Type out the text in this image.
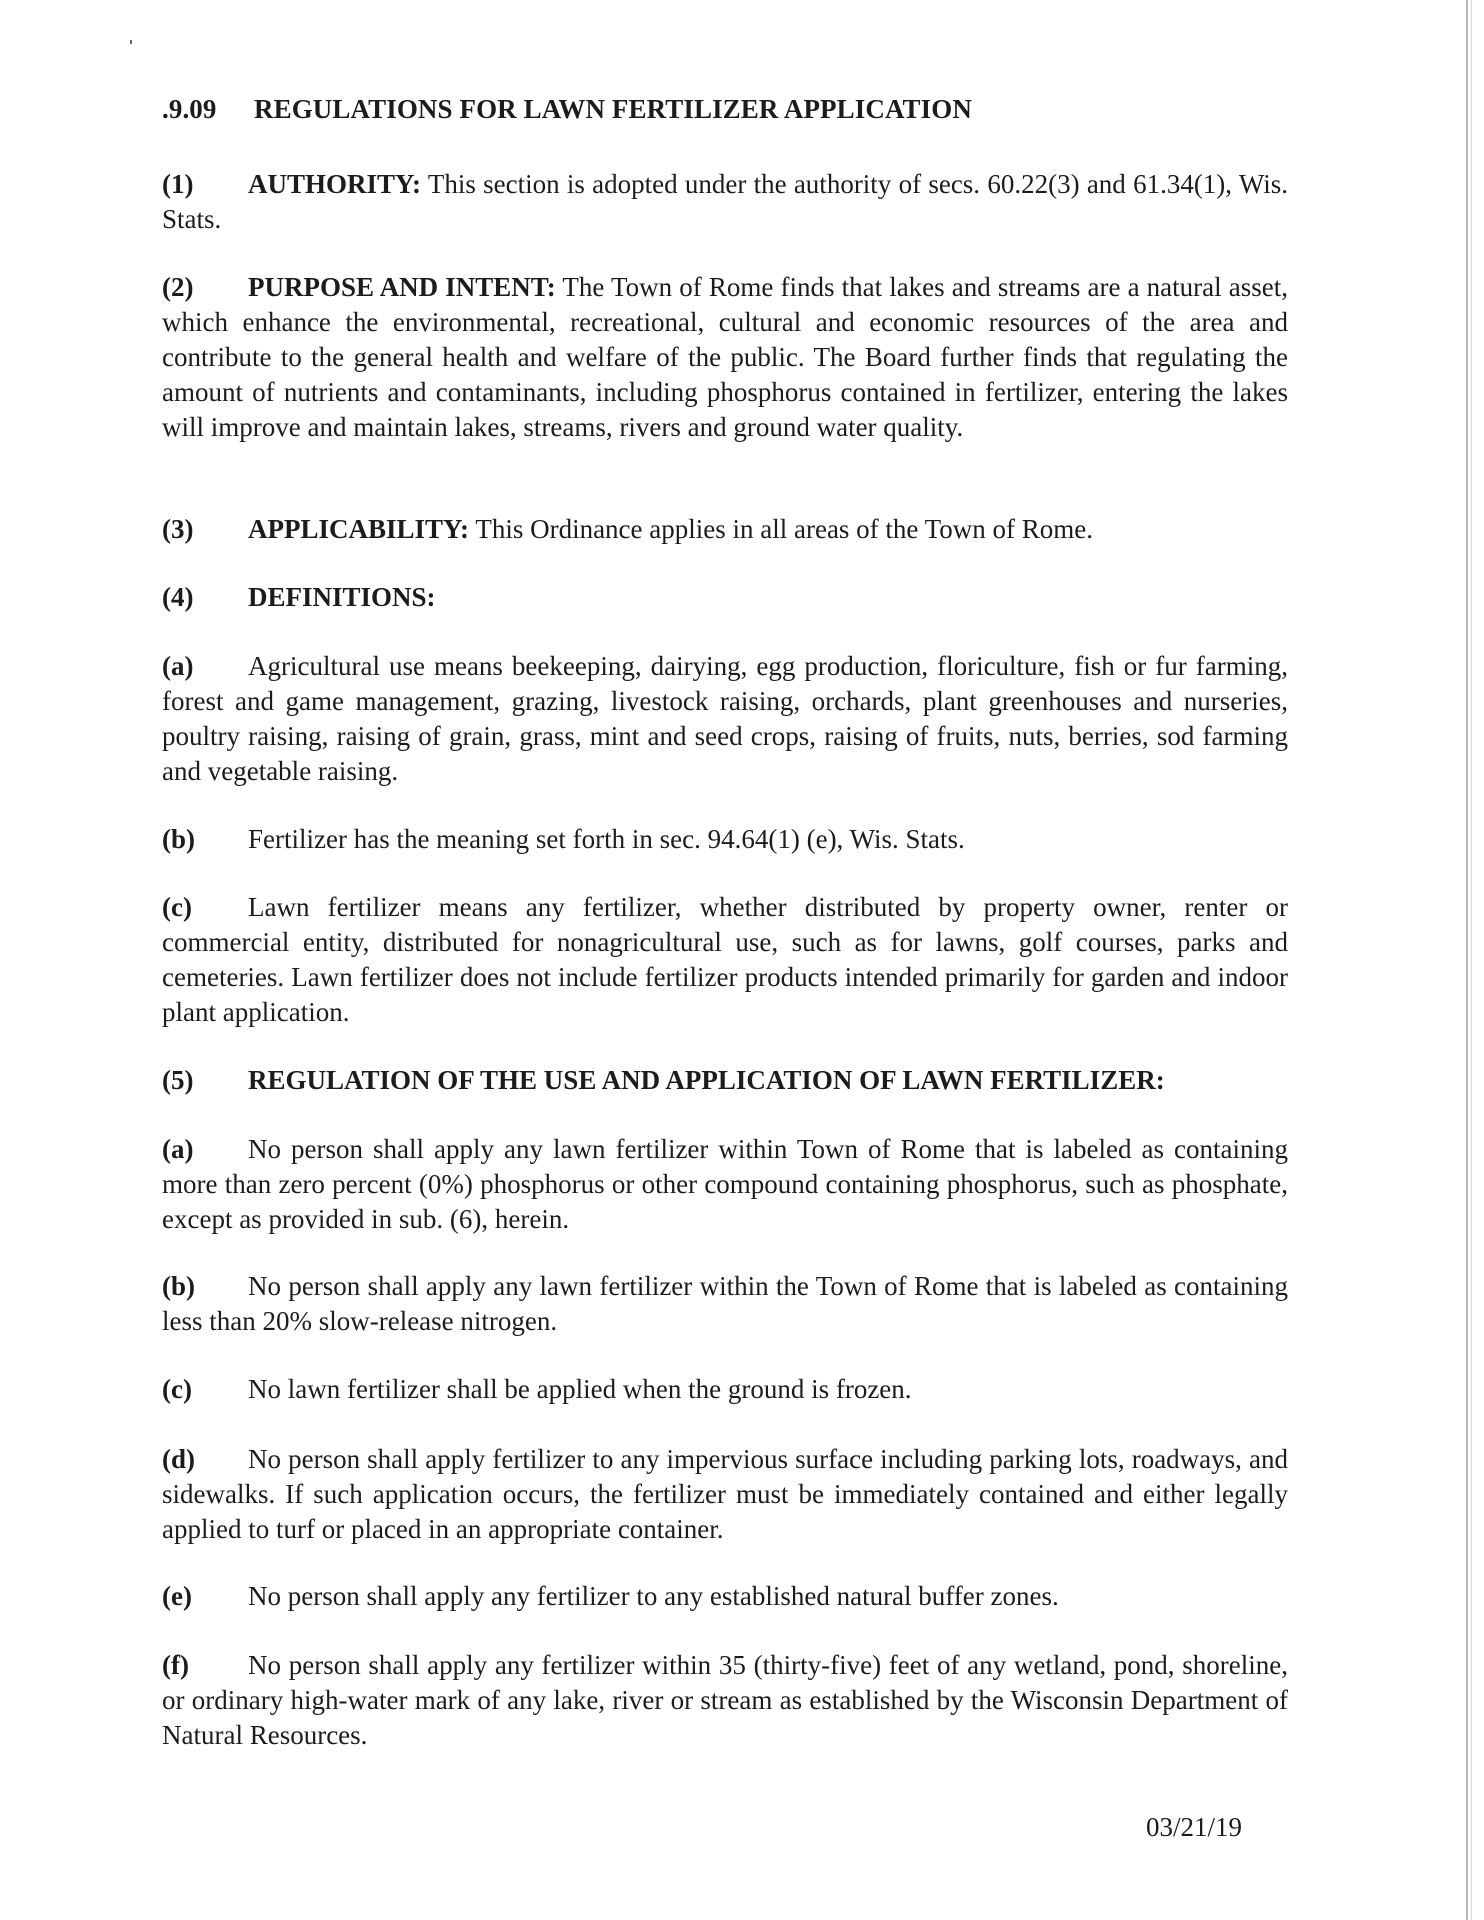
.9.09 REGULATIONS FOR LAWN FERTILIZER APPLICATION
(1) AUTHORITY: This section is adopted under the authority of secs. 60.22(3) and 61.34(1), Wis. Stats.
(2) PURPOSE AND INTENT: The Town of Rome finds that lakes and streams are a natural asset, which enhance the environmental, recreational, cultural and economic resources of the area and contribute to the general health and welfare of the public. The Board further finds that regulating the amount of nutrients and contaminants, including phosphorus contained in fertilizer, entering the lakes will improve and maintain lakes, streams, rivers and ground water quality.
(3) APPLICABILITY: This Ordinance applies in all areas of the Town of Rome.
(4) DEFINITIONS:
(a) Agricultural use means beekeeping, dairying, egg production, floriculture, fish or fur farming, forest and game management, grazing, livestock raising, orchards, plant greenhouses and nurseries, poultry raising, raising of grain, grass, mint and seed crops, raising of fruits, nuts, berries, sod farming and vegetable raising.
(b) Fertilizer has the meaning set forth in sec. 94.64(1) (e), Wis. Stats.
(c) Lawn fertilizer means any fertilizer, whether distributed by property owner, renter or commercial entity, distributed for nonagricultural use, such as for lawns, golf courses, parks and cemeteries. Lawn fertilizer does not include fertilizer products intended primarily for garden and indoor plant application.
(5) REGULATION OF THE USE AND APPLICATION OF LAWN FERTILIZER:
(a) No person shall apply any lawn fertilizer within Town of Rome that is labeled as containing more than zero percent (0%) phosphorus or other compound containing phosphorus, such as phosphate, except as provided in sub. (6), herein.
(b) No person shall apply any lawn fertilizer within the Town of Rome that is labeled as containing less than 20% slow-release nitrogen.
(c) No lawn fertilizer shall be applied when the ground is frozen.
(d) No person shall apply fertilizer to any impervious surface including parking lots, roadways, and sidewalks. If such application occurs, the fertilizer must be immediately contained and either legally applied to turf or placed in an appropriate container.
(e) No person shall apply any fertilizer to any established natural buffer zones.
(f) No person shall apply any fertilizer within 35 (thirty-five) feet of any wetland, pond, shoreline, or ordinary high-water mark of any lake, river or stream as established by the Wisconsin Department of Natural Resources.
03/21/19
